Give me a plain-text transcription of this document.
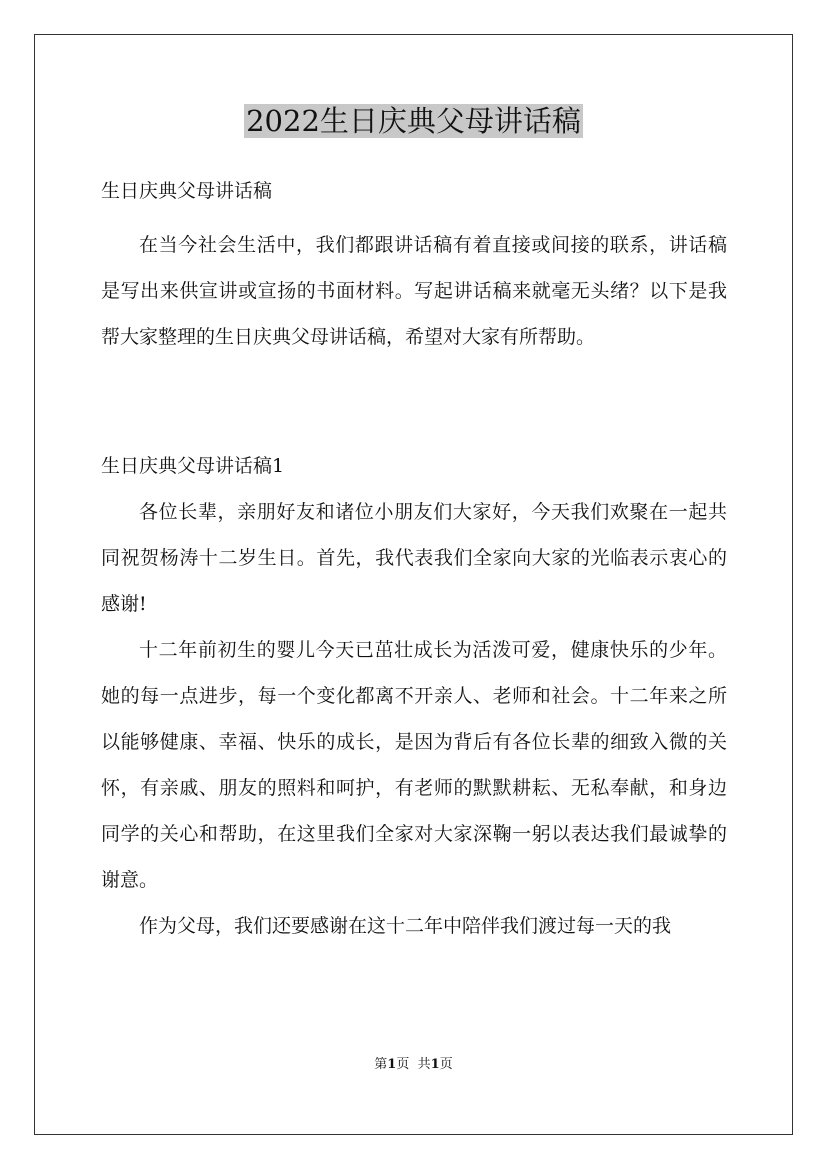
2022生日庆典父母讲话稿

生日庆典父母讲话稿

在当今社会生活中，我们都跟讲话稿有着直接或间接的联系，讲话稿是写出来供宣讲或宣扬的书面材料。写起讲话稿来就毫无头绪？以下是我帮大家整理的生日庆典父母讲话稿，希望对大家有所帮助。

生日庆典父母讲话稿1

各位长辈，亲朋好友和诸位小朋友们大家好，今天我们欢聚在一起共同祝贺杨涛十二岁生日。首先，我代表我们全家向大家的光临表示衷心的感谢!

十二年前初生的婴儿今天已茁壮成长为活泼可爱，健康快乐的少年。她的每一点进步，每一个变化都离不开亲人、老师和社会。十二年来之所以能够健康、幸福、快乐的成长，是因为背后有各位长辈的细致入微的关怀，有亲戚、朋友的照料和呵护，有老师的默默耕耘、无私奉献，和身边同学的关心和帮助，在这里我们全家对大家深鞠一躬以表达我们最诚挚的谢意。

作为父母，我们还要感谢在这十二年中陪伴我们渡过每一天的我

第1页 共1页
